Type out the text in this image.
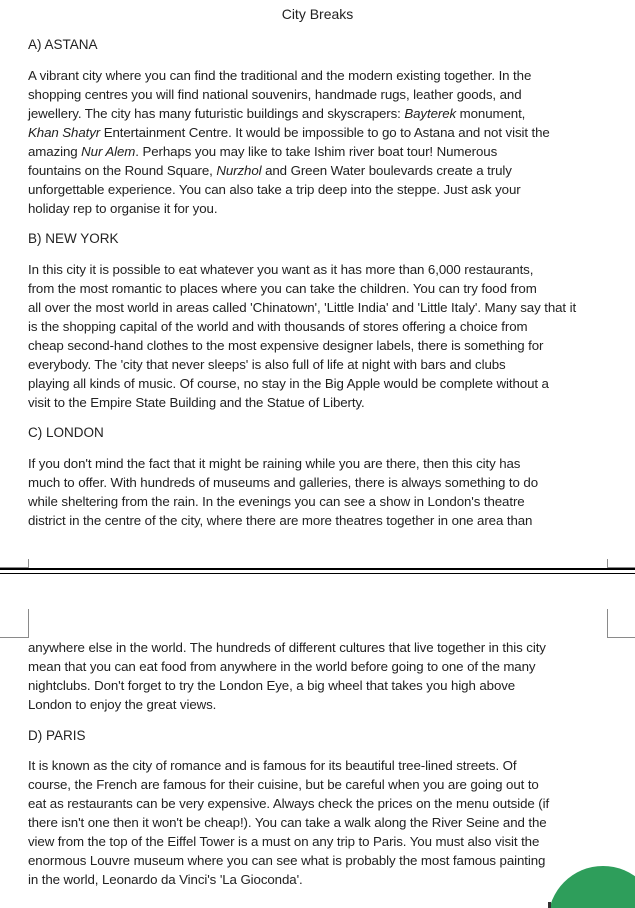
City Breaks
A) ASTANA

A vibrant city where you can find the traditional and the modern existing together. In the

shopping centres you will find national souvenirs, handmade rugs, leather goods, and

jewellery. The city has many futuristic buildings and skyscrapers: Bayterek monument,

Khan Shatyr Entertainment Centre. It would be impossible to go to Astana and not visit the

amazing Nur Alem. Perhaps you may like to take Ishim river boat tour! Numerous

fountains on the Round Square, Nurzhol and Green Water boulevards create a truly

unforgettable experience. You can also take a trip deep into the steppe. Just ask your

holiday rep to organise it for you.

B) NEW YORK

In this city it is possible to eat whatever you want as it has more than 6,000 restaurants,

from the most romantic to places where you can take the children. You can try food from

all over the most world in areas called 'Chinatown', 'Little India' and 'Little Italy'. Many say that it

is the shopping capital of the world and with thousands of stores offering a choice from

cheap second-hand clothes to the most expensive designer labels, there is something for

everybody. The 'city that never sleeps' is also full of life at night with bars and clubs

playing all kinds of music. Of course, no stay in the Big Apple would be complete without a

visit to the Empire State Building and the Statue of Liberty.

C) LONDON

If you don't mind the fact that it might be raining while you are there, then this city has

much to offer. With hundreds of museums and galleries, there is always something to do

while sheltering from the rain. In the evenings you can see a show in London's theatre

district in the centre of the city, where there are more theatres together in one area than

anywhere else in the world. The hundreds of different cultures that live together in this city

mean that you can eat food from anywhere in the world before going to one of the many

nightclubs. Don't forget to try the London Eye, a big wheel that takes you high above

London to enjoy the great views.

D) PARIS

It is known as the city of romance and is famous for its beautiful tree-lined streets. Of

course, the French are famous for their cuisine, but be careful when you are going out to

eat as restaurants can be very expensive. Always check the prices on the menu outside (if

there isn't one then it won't be cheap!). You can take a walk along the River Seine and the

view from the top of the Eiffel Tower is a must on any trip to Paris. You must also visit the

enormous Louvre museum where you can see what is probably the most famous painting

in the world, Leonardo da Vinci's 'La Gioconda'.
